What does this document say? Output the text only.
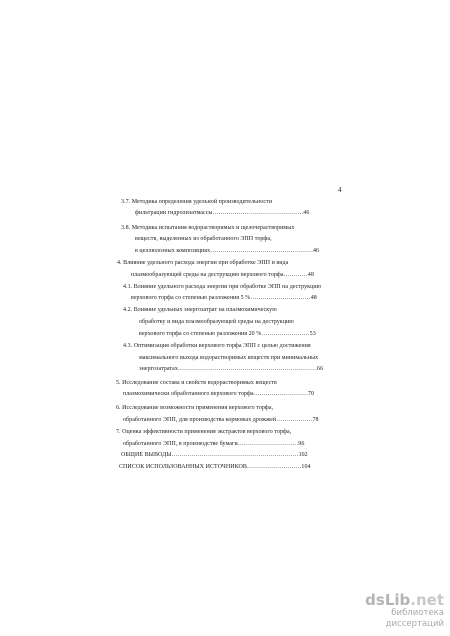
4
3.7. Методика определения удельной производительности
фильтрации гидролизатмассы………………………………………46
3.8. Методика испытания водорастворимых и щелочерастворимых
веществ, выделенных из обработанного ЭПП торфа,
в целлюлозных композициях……………………………………………46
4. Влияние удельного расхода энергии при обработке ЭПП и вида
плазмообразующей среды на деструкцию верхового торфа…………48
4.1. Влияние удельного расхода энергии при обработке ЭПП на деструкцию
верхового торфа со степенью разложения 5 %…………………………48
4.2. Влияние удельных энергозатрат на плазмохимическую
обработку и вида плазмообразующей среды на деструкцию
верхового торфа со степенью разложения 20 %……………………53
4.3. Оптимизация обработки верхового торфа ЭПП с целью достижения
максимального выхода водорастворимых веществ при минимальных
энергозатратах……………………………………………………………66
5. Исследование состава и свойств водорастворимых веществ
плазмохимически обработанного верхового торфа………………………70
6. Исследование возможности применения верхового торфа,
обработанного ЭПП, для производства кормовых дрожжей………………78
7. Оценка эффективности применения экстрактов верхового торфа,
обработанного ЭПП, в производстве бумаги…………………………96
ОБЩИЕ ВЫВОДЫ………………………………………………………102
СПИСОК ИСПОЛЬЗОВАННЫХ ИСТОЧНИКОВ………………………104
dsLib.net
библиотека диссертаций
